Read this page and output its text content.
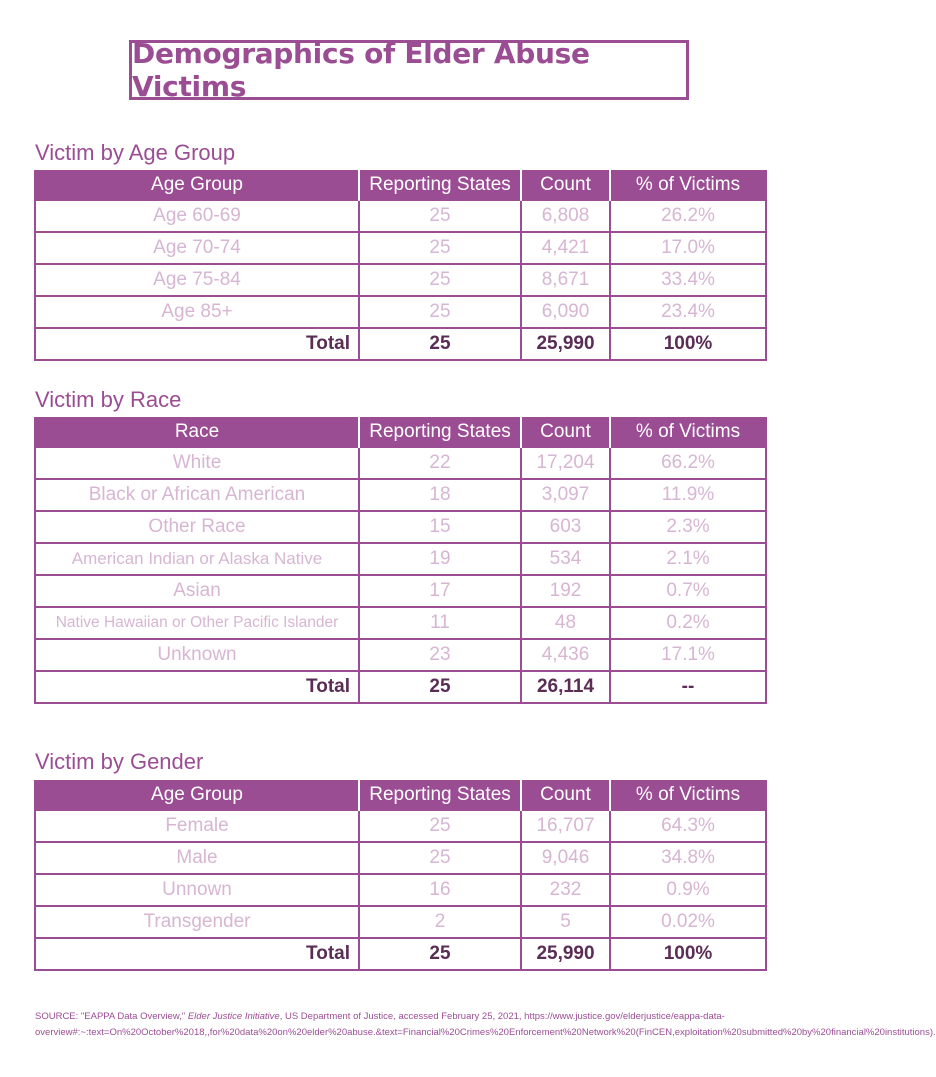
Demographics of Elder Abuse Victims
Victim by Age Group
Age Group	Reporting States	Count	% of Victims
Age 60-69	25	6,808	26.2%
Age 70-74	25	4,421	17.0%
Age 75-84	25	8,671	33.4%
Age 85+	25	6,090	23.4%
Total	25	25,990	100%
Victim by Race
Race	Reporting States	Count	% of Victims
White	22	17,204	66.2%
Black or African American	18	3,097	11.9%
Other Race	15	603	2.3%
American Indian or Alaska Native	19	534	2.1%
Asian	17	192	0.7%
Native Hawaiian or Other Pacific Islander	11	48	0.2%
Unknown	23	4,436	17.1%
Total	25	26,114	--
Victim by Gender
Age Group	Reporting States	Count	% of Victims
Female	25	16,707	64.3%
Male	25	9,046	34.8%
Unnown	16	232	0.9%
Transgender	2	5	0.02%
Total	25	25,990	100%
SOURCE: "EAPPA Data Overview," Elder Justice Initiative, US Department of Justice, accessed February 25, 2021, https://www.justice.gov/elderjustice/eappa-data-overview#:~:text=On%20October%2018,,for%20data%20on%20elder%20abuse.&text=Financial%20Crimes%20Enforcement%20Network%20(FinCEN,exploitation%20submitted%20by%20financial%20institutions).
